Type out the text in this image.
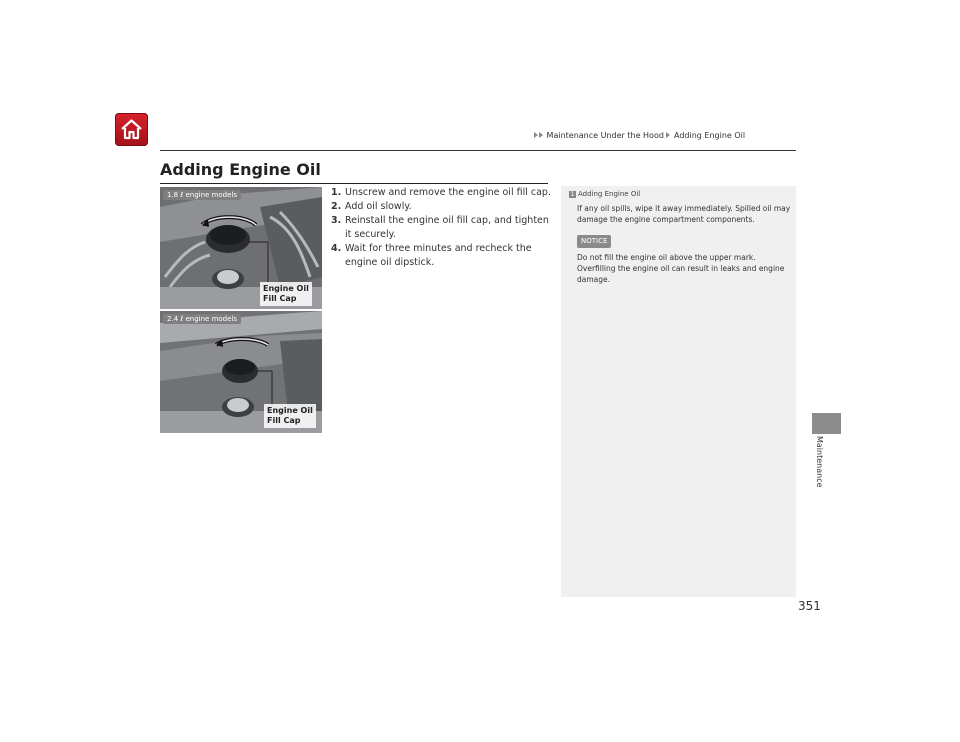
Maintenance Under the Hood Adding Engine Oil
Adding Engine Oil
1.8 ℓ engine models
Engine Oil
Fill Cap
2.4 ℓ engine models
Engine Oil
Fill Cap
1. Unscrew and remove the engine oil fill cap.
2. Add oil slowly.
3. Reinstall the engine oil fill cap, and tighten it securely.
4. Wait for three minutes and recheck the engine oil dipstick.
1 Adding Engine Oil
If any oil spills, wipe it away immediately. Spilled oil may damage the engine compartment components.
NOTICE
Do not fill the engine oil above the upper mark. Overfilling the engine oil can result in leaks and engine damage.
Maintenance
351
